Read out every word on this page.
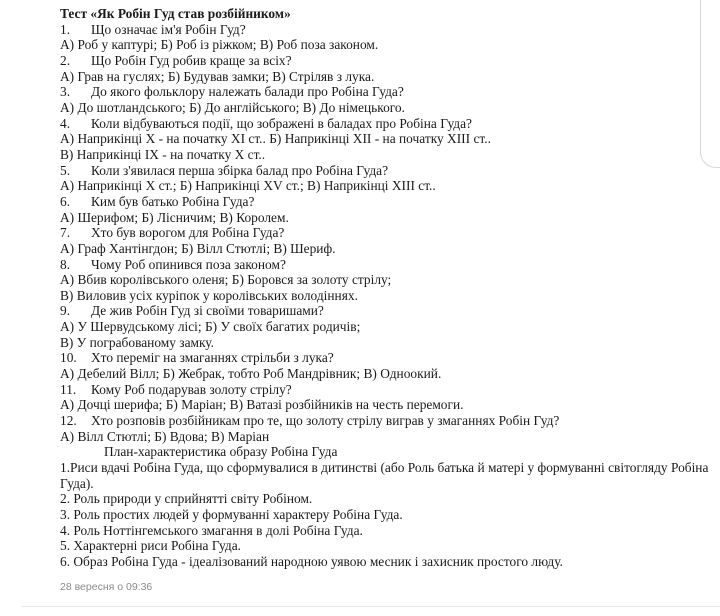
Тест «Як Робін Гуд став розбійником»
1. Що означає ім'я Робін Гуд?
А) Роб у каптурі; Б) Роб із ріжком; В) Роб поза законом.
2. Що Робін Гуд робив краще за всіх?
А) Грав на гуслях; Б) Будував замки; В) Стріляв з лука.
3. До якого фольклору належать балади про Робіна Гуда?
А) До шотландського; Б) До англійського; В) До німецького.
4. Коли відбуваються події, що зображені в баладах про Робіна Гуда?
А) Наприкінці X - на початку XI ст.. Б) Наприкінці XII - на початку XIII ст..
В) Наприкінці IX - на початку X ст..
5. Коли з'явилася перша збірка балад про Робіна Гуда?
А) Наприкінці X ст.; Б) Наприкінці XV ст.; В) Наприкінці XIII ст..
6. Ким був батько Робіна Гуда?
А) Шерифом; Б) Лісничим; В) Королем.
7. Хто був ворогом для Робіна Гуда?
А) Граф Хантінгдон; Б) Вілл Стютлі; В) Шериф.
8. Чому Роб опинився поза законом?
А) Вбив королівського оленя; Б) Боровся за золоту стрілу;
В) Виловив усіх куріпок у королівських володіннях.
9. Де жив Робін Гуд зі своїми товаришами?
А) У Шервудському лісі; Б) У своїх багатих родичів;
В) У пограбованому замку.
10. Хто переміг на змаганнях стрільби з лука?
А) Дебелий Вілл; Б) Жебрак, тобто Роб Мандрівник; В) Одноокий.
11. Кому Роб подарував золоту стрілу?
А) Дочці шерифа; Б) Маріан; В) Ватазі розбійників на честь перемоги.
12. Хто розповів розбійникам про те, що золоту стрілу виграв у змаганнях Робін Гуд?
А) Вілл Стютлі; Б) Вдова; В) Маріан
План-характеристика образу Робіна Гуда
1.Риси вдачі Робіна Гуда, що сформувалися в дитинстві (або Роль батька й матері у формуванні світогляду Робіна Гуда).
2. Роль природи у сприйнятті світу Робіном.
3. Роль простих людей у формуванні характеру Робіна Гуда.
4. Роль Ноттінгемського змагання в долі Робіна Гуда.
5. Характерні риси Робіна Гуда.
6. Образ Робіна Гуда - ідеалізований народною уявою месник і захисник простого люду.
28 вересня о 09:36
